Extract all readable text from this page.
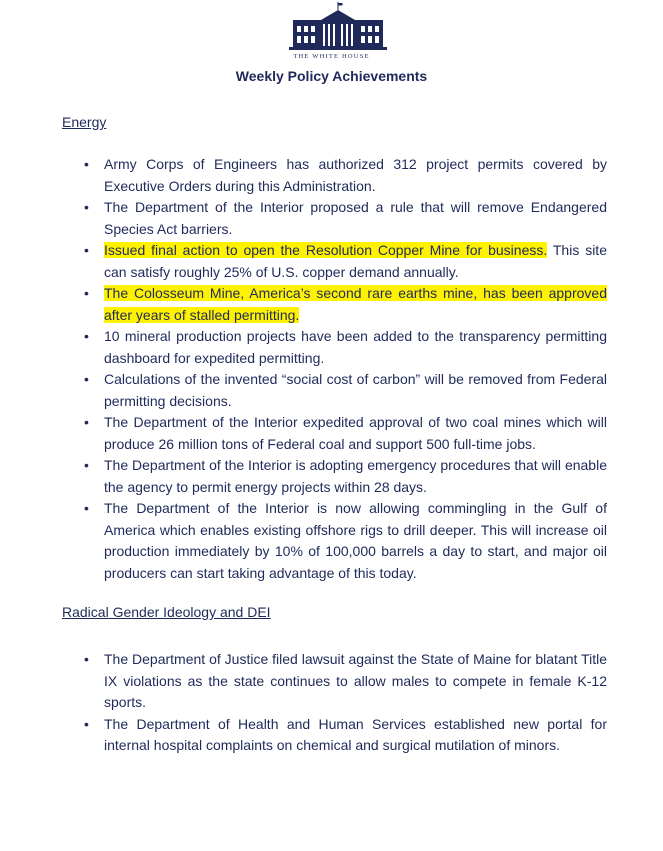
THE WHITE HOUSE
Weekly Policy Achievements
Energy
• Army Corps of Engineers has authorized 312 project permits covered by Executive Orders during this Administration.
• The Department of the Interior proposed a rule that will remove Endangered Species Act barriers.
• Issued final action to open the Resolution Copper Mine for business. This site can satisfy roughly 25% of U.S. copper demand annually.
• The Colosseum Mine, America’s second rare earths mine, has been approved after years of stalled permitting.
• 10 mineral production projects have been added to the transparency permitting dashboard for expedited permitting.
• Calculations of the invented “social cost of carbon” will be removed from Federal permitting decisions.
• The Department of the Interior expedited approval of two coal mines which will produce 26 million tons of Federal coal and support 500 full-time jobs.
• The Department of the Interior is adopting emergency procedures that will enable the agency to permit energy projects within 28 days.
• The Department of the Interior is now allowing commingling in the Gulf of America which enables existing offshore rigs to drill deeper. This will increase oil production immediately by 10% of 100,000 barrels a day to start, and major oil producers can start taking advantage of this today.
Radical Gender Ideology and DEI
• The Department of Justice filed lawsuit against the State of Maine for blatant Title IX violations as the state continues to allow males to compete in female K-12 sports.
• The Department of Health and Human Services established new portal for internal hospital complaints on chemical and surgical mutilation of minors.
